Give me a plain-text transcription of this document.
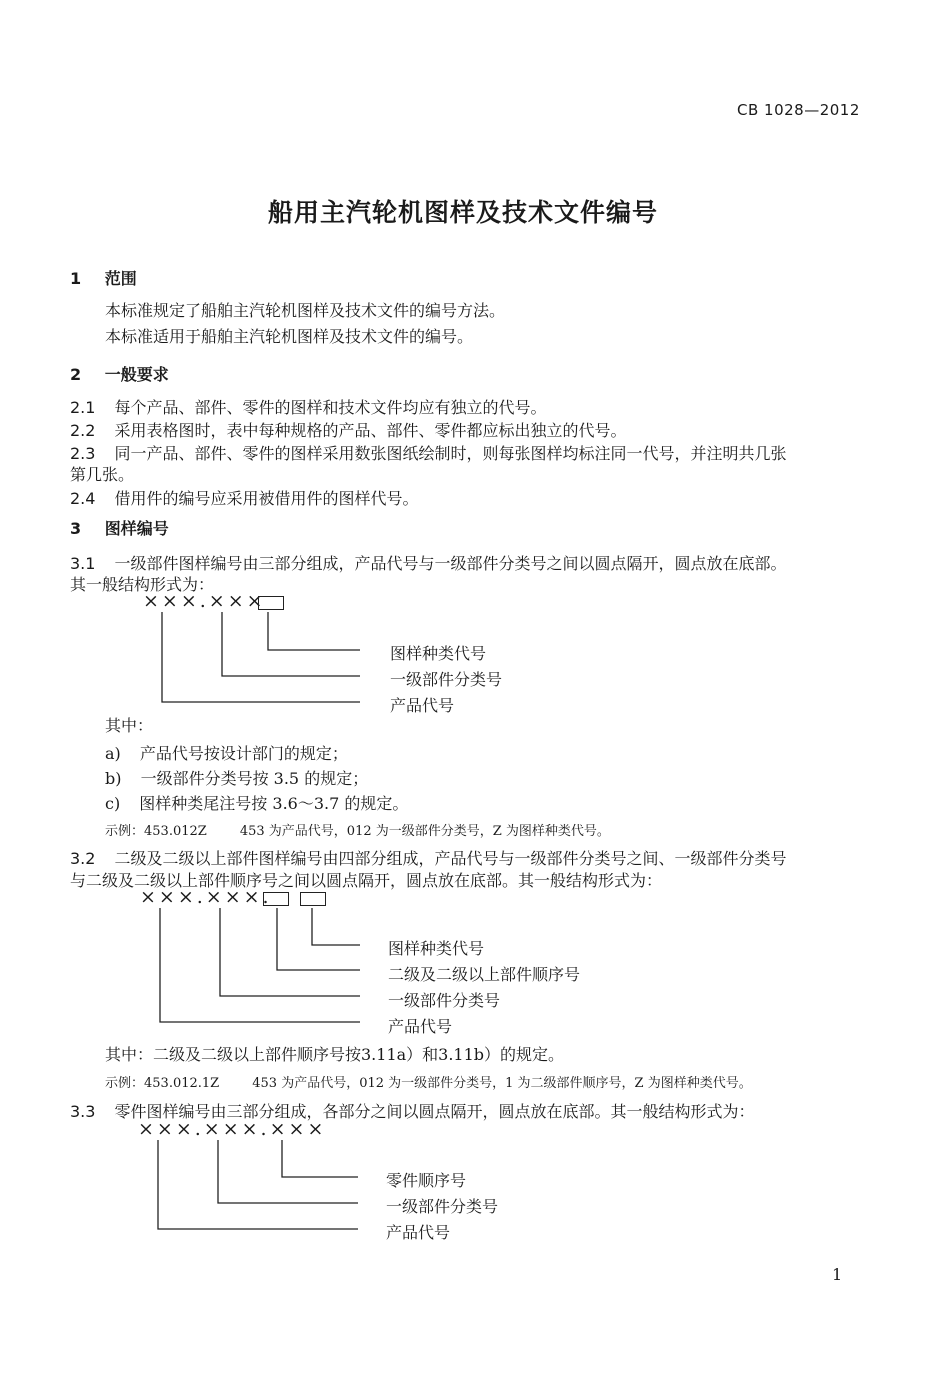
CB 1028—2012
船用主汽轮机图样及技术文件编号
1 范围
本标准规定了船舶主汽轮机图样及技术文件的编号方法。
本标准适用于船舶主汽轮机图样及技术文件的编号。
2 一般要求
2.1 每个产品、部件、零件的图样和技术文件均应有独立的代号。
2.2 采用表格图时，表中每种规格的产品、部件、零件都应标出独立的代号。
2.3 同一产品、部件、零件的图样采用数张图纸绘制时，则每张图样均标注同一代号，并注明共几张
第几张。
2.4 借用件的编号应采用被借用件的图样代号。
3 图样编号
3.1 一级部件图样编号由三部分组成，产品代号与一级部件分类号之间以圆点隔开，圆点放在底部。
其一般结构形式为：
×××.×××
图样种类代号
一级部件分类号
产品代号
其中：
a) 产品代号按设计部门的规定；
b) 一级部件分类号按 3.5 的规定；
c) 图样种类尾注号按 3.6～3.7 的规定。
示例：453.012Z        453 为产品代号，012 为一级部件分类号，Z 为图样种类代号。
3.2 二级及二级以上部件图样编号由四部分组成，产品代号与一级部件分类号之间、一级部件分类号
与二级及二级以上部件顺序号之间以圆点隔开，圆点放在底部。其一般结构形式为：
×××.×××.
图样种类代号
二级及二级以上部件顺序号
一级部件分类号
产品代号
其中：二级及二级以上部件顺序号按3.11a）和3.11b）的规定。
示例：453.012.1Z        453 为产品代号，012 为一级部件分类号，1 为二级部件顺序号，Z 为图样种类代号。
3.3 零件图样编号由三部分组成，各部分之间以圆点隔开，圆点放在底部。其一般结构形式为：
×××.×××.×××
零件顺序号
一级部件分类号
产品代号
1
